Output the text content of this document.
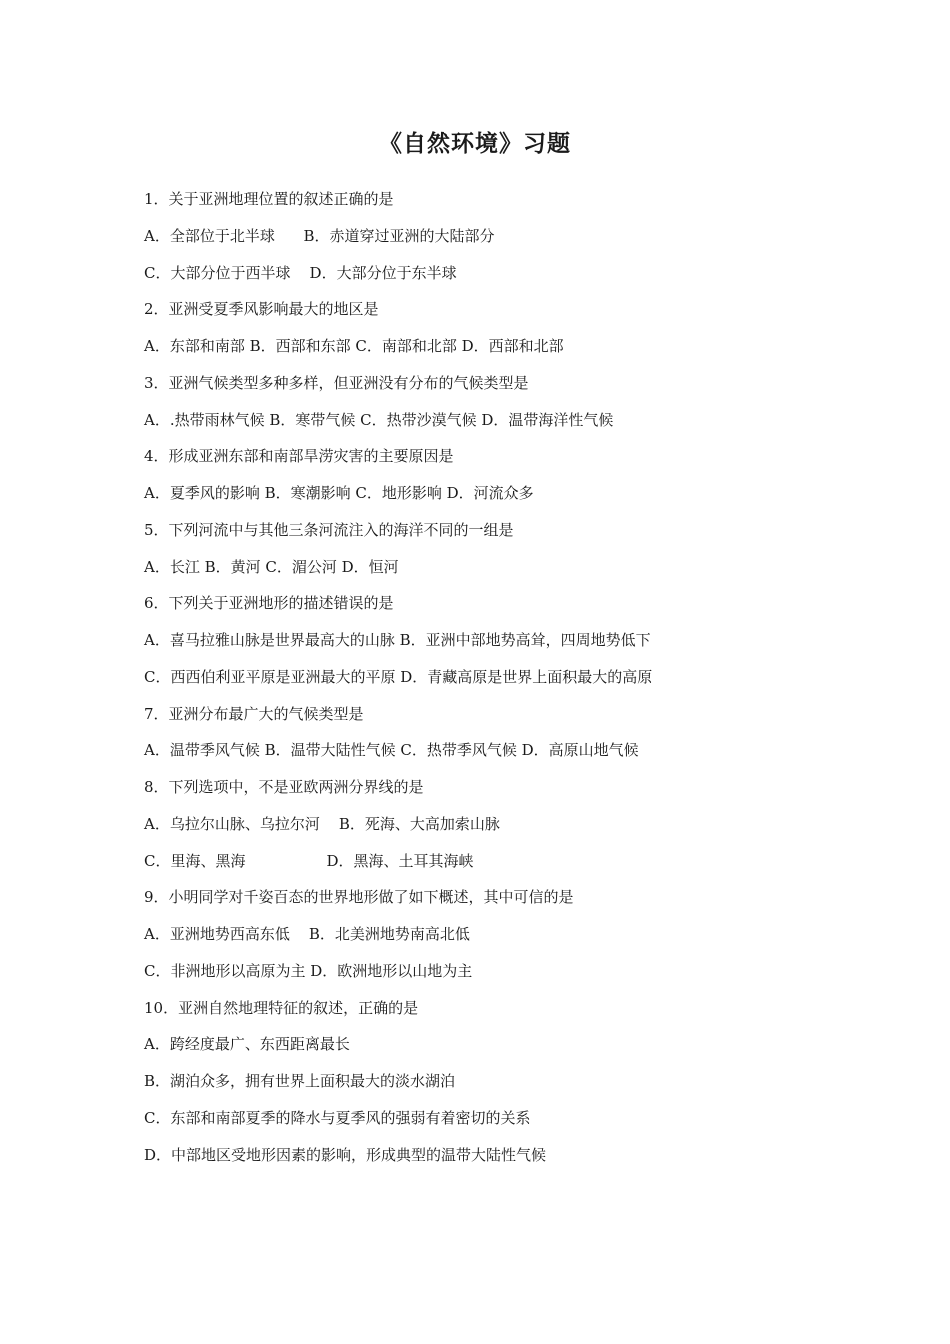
《自然环境》习题
1．关于亚洲地理位置的叙述正确的是
A．全部位于北半球      B．赤道穿过亚洲的大陆部分
C．大部分位于西半球    D．大部分位于东半球
2．亚洲受夏季风影响最大的地区是
A．东部和南部 B．西部和东部 C．南部和北部 D．西部和北部
3．亚洲气候类型多种多样，但亚洲没有分布的气候类型是
A．.热带雨林气候 B．寒带气候 C．热带沙漠气候 D．温带海洋性气候
4．形成亚洲东部和南部旱涝灾害的主要原因是
A．夏季风的影响 B．寒潮影响 C．地形影响 D．河流众多
5．下列河流中与其他三条河流注入的海洋不同的一组是
A．长江 B．黄河 C．湄公河 D．恒河
6．下列关于亚洲地形的描述错误的是
A．喜马拉雅山脉是世界最高大的山脉 B．亚洲中部地势高耸，四周地势低下
C．西西伯利亚平原是亚洲最大的平原 D．青藏高原是世界上面积最大的高原
7．亚洲分布最广大的气候类型是
A．温带季风气候 B．温带大陆性气候 C．热带季风气候 D．高原山地气候
8．下列选项中，不是亚欧两洲分界线的是
A．乌拉尔山脉、乌拉尔河    B．死海、大高加索山脉
C．里海、黑海                 D．黑海、土耳其海峡
9．小明同学对千姿百态的世界地形做了如下概述，其中可信的是
A．亚洲地势西高东低    B．北美洲地势南高北低
C．非洲地形以高原为主 D．欧洲地形以山地为主
10．亚洲自然地理特征的叙述，正确的是
A．跨经度最广、东西距离最长
B．湖泊众多，拥有世界上面积最大的淡水湖泊
C．东部和南部夏季的降水与夏季风的强弱有着密切的关系
D．中部地区受地形因素的影响，形成典型的温带大陆性气候
